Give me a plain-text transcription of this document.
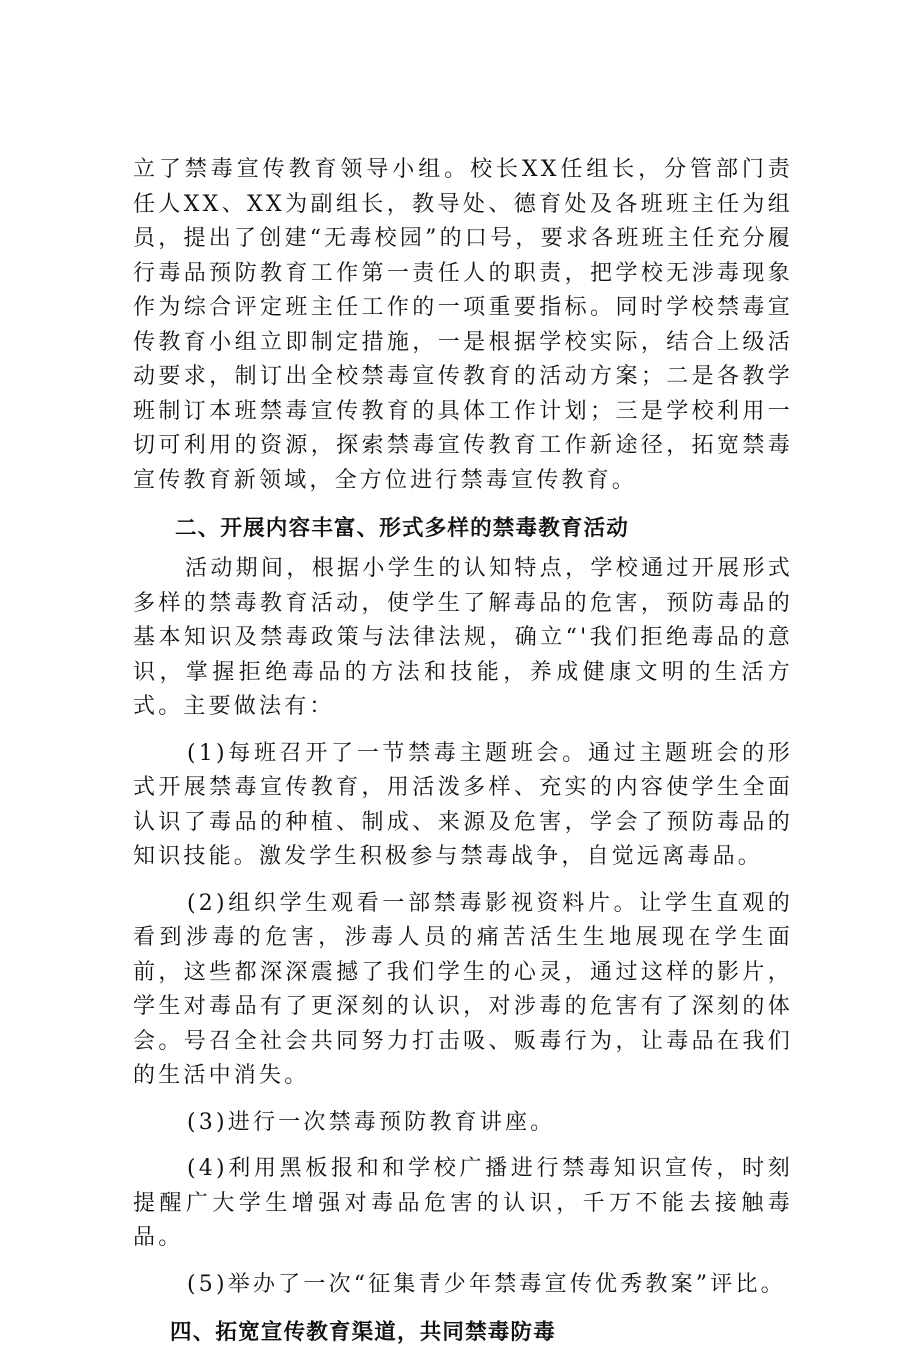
立了禁毒宣传教育领导小组。校长XX任组长，分管部门责任人XX、XX为副组长，教导处、德育处及各班班主任为组员，提出了创建“无毒校园”的口号，要求各班班主任充分履行毒品预防教育工作第一责任人的职责，把学校无涉毒现象作为综合评定班主任工作的一项重要指标。同时学校禁毒宣传教育小组立即制定措施，一是根据学校实际，结合上级活动要求，制订出全校禁毒宣传教育的活动方案；二是各教学班制订本班禁毒宣传教育的具体工作计划；三是学校利用一切可利用的资源，探索禁毒宣传教育工作新途径，拓宽禁毒宣传教育新领域，全方位进行禁毒宣传教育。

二、开展内容丰富、形式多样的禁毒教育活动

活动期间，根据小学生的认知特点，学校通过开展形式多样的禁毒教育活动，使学生了解毒品的危害，预防毒品的基本知识及禁毒政策与法律法规，确立“'我们拒绝毒品的意识，掌握拒绝毒品的方法和技能，养成健康文明的生活方式。主要做法有：

(1)每班召开了一节禁毒主题班会。通过主题班会的形式开展禁毒宣传教育，用活泼多样、充实的内容使学生全面认识了毒品的种植、制成、来源及危害，学会了预防毒品的知识技能。激发学生积极参与禁毒战争，自觉远离毒品。

(2)组织学生观看一部禁毒影视资料片。让学生直观的看到涉毒的危害，涉毒人员的痛苦活生生地展现在学生面前，这些都深深震撼了我们学生的心灵，通过这样的影片，学生对毒品有了更深刻的认识，对涉毒的危害有了深刻的体会。号召全社会共同努力打击吸、贩毒行为，让毒品在我们的生活中消失。

(3)进行一次禁毒预防教育讲座。

(4)利用黑板报和和学校广播进行禁毒知识宣传，时刻提醒广大学生增强对毒品危害的认识，千万不能去接触毒品。

(5)举办了一次“征集青少年禁毒宣传优秀教案”评比。

四、拓宽宣传教育渠道，共同禁毒防毒
